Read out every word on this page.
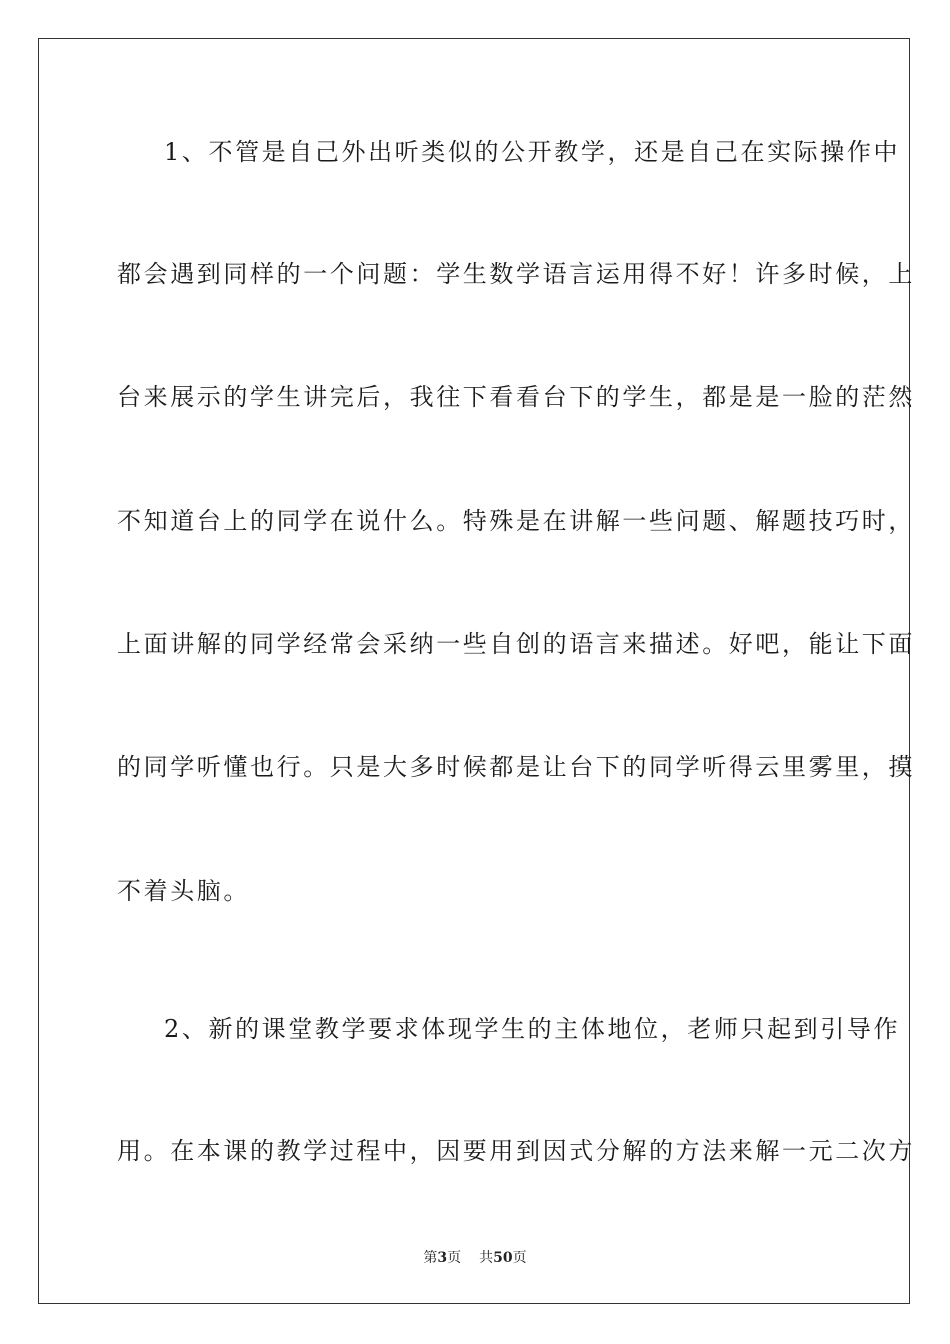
1、不管是自己外出听类似的公开教学，还是自己在实际操作中
都会遇到同样的一个问题：学生数学语言运用得不好！许多时候，上
台来展示的学生讲完后，我往下看看台下的学生，都是是一脸的茫然
不知道台上的同学在说什么。特殊是在讲解一些问题、解题技巧时，
上面讲解的同学经常会采纳一些自创的语言来描述。好吧，能让下面
的同学听懂也行。只是大多时候都是让台下的同学听得云里雾里，摸
不着头脑。
2、新的课堂教学要求体现学生的主体地位，老师只起到引导作
用。在本课的教学过程中，因要用到因式分解的方法来解一元二次方
第3页 共50页
